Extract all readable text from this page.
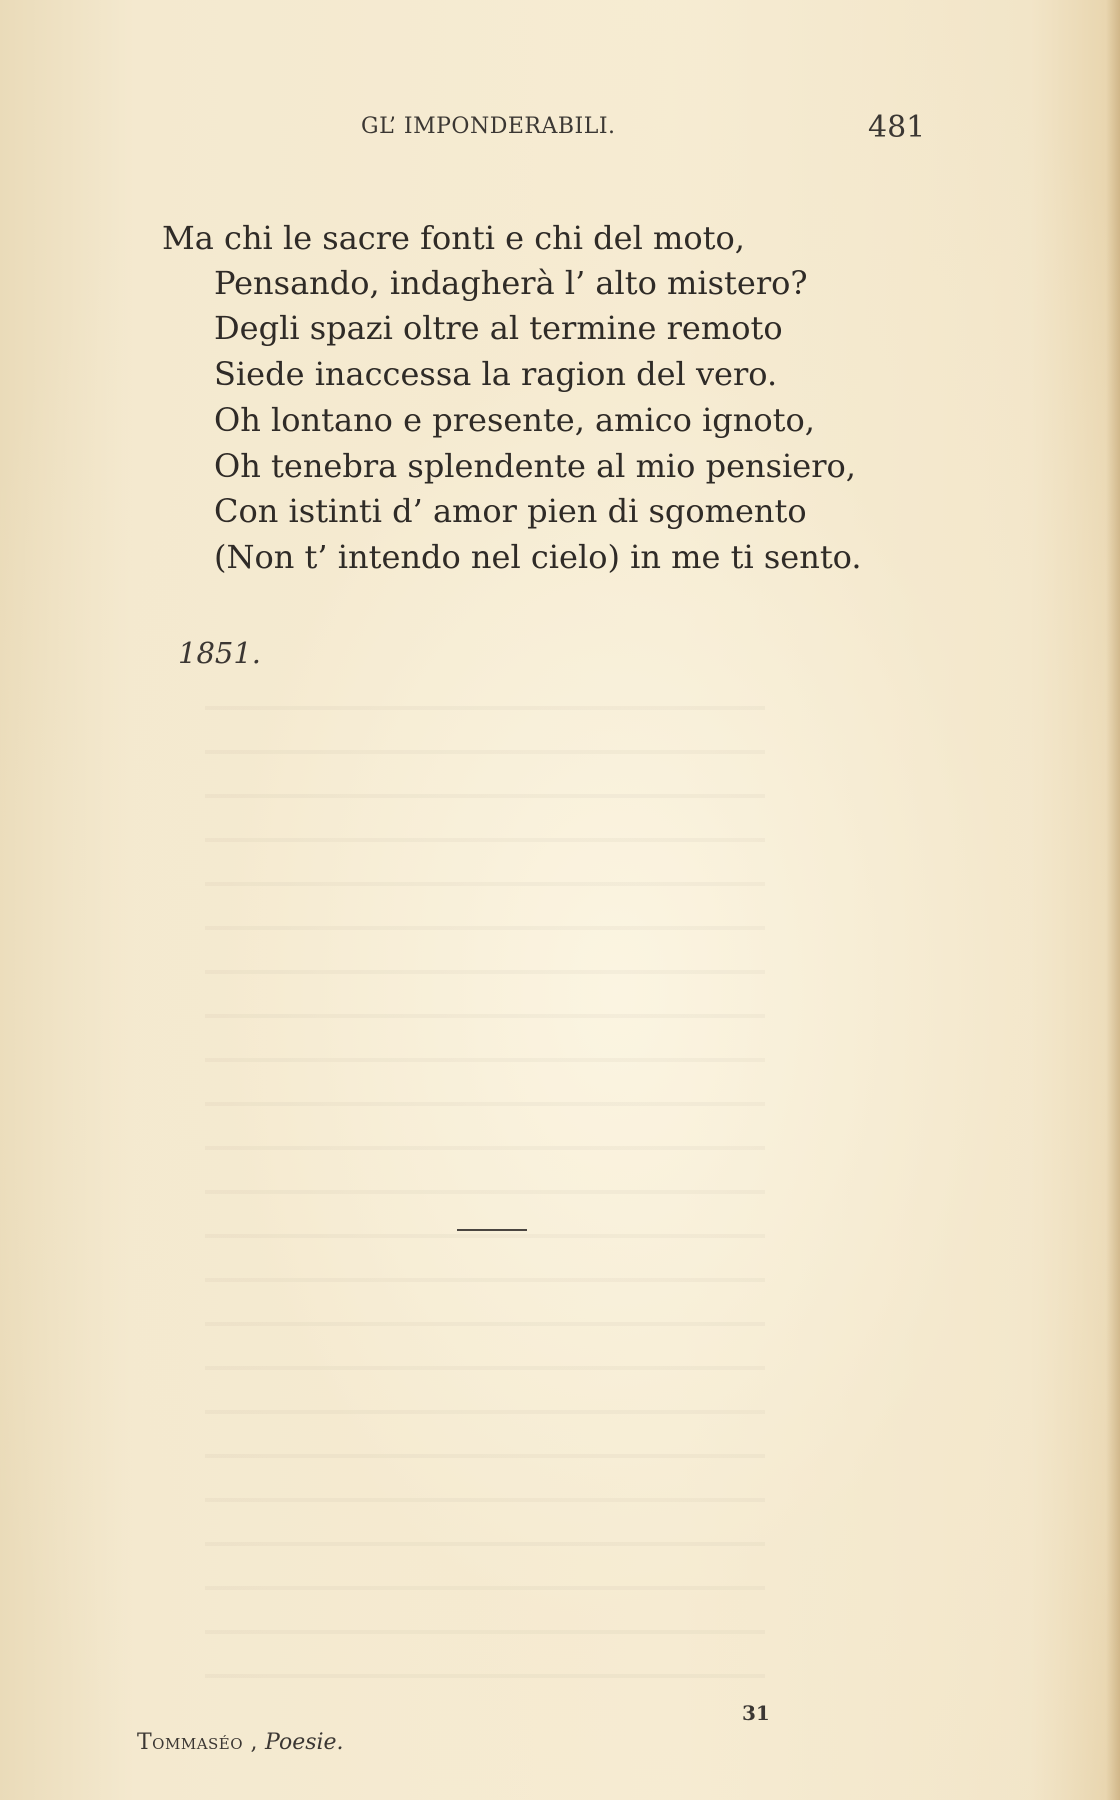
GL’ IMPONDERABILI.	481
Ma chi le sacre fonti e chi del moto,
Pensando, indagherà l’ alto mistero?
Degli spazi oltre al termine remoto
Siede inaccessa la ragion del vero.
Oh lontano e presente, amico ignoto,
Oh tenebra splendente al mio pensiero,
Con istinti d’ amor pien di sgomento
(Non t’ intendo nel cielo) in me ti sento.
1851.
31
Tommaséo , Poesie.
